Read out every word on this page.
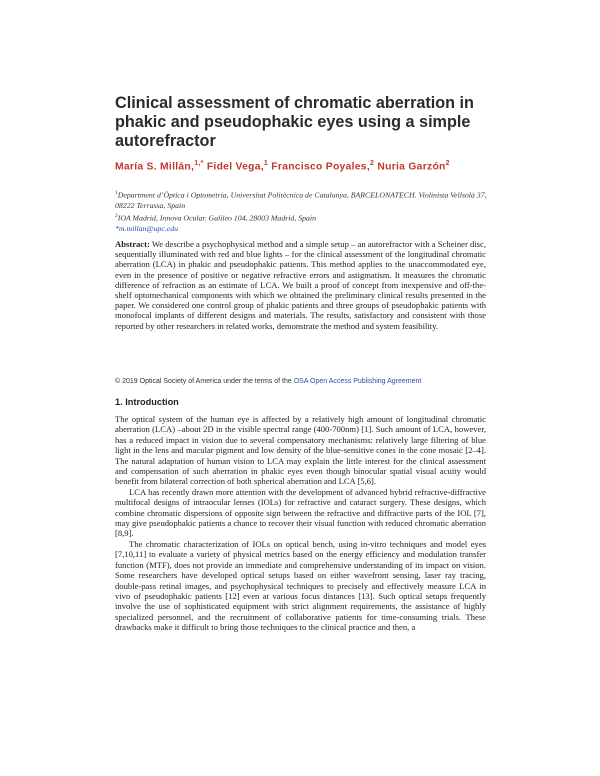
Clinical assessment of chromatic aberration in phakic and pseudophakic eyes using a simple autorefractor
María S. Millán,$^{1,*}$ Fidel Vega,$^1$ Francisco Poyales,$^2$ Nuria Garzón$^2$
$^1$Department d’Òptica i Optometria, Universitat Politècnica de Catalunya, BARCELONATECH. Violinista Vellsolà 37, 08222 Terrassa, Spain
$^2$IOA Madrid, Innova Ocular. Galileo 104, 28003 Madrid, Spain
*m.millan@upc.edu

Abstract: We describe a psychophysical method and a simple setup – an autorefractor with a Scheiner disc, sequentially illuminated with red and blue lights – for the clinical assessment of the longitudinal chromatic aberration (LCA) in phakic and pseudophakic patients. This method applies to the unaccommodated eye, even in the presence of positive or negative refractive errors and astigmatism. It measures the chromatic difference of refraction as an estimate of LCA. We built a proof of concept from inexpensive and off-the-shelf optomechanical components with which we obtained the preliminary clinical results presented in the paper. We considered one control group of phakic patients and three groups of pseudophakic patients with monofocal implants of different designs and materials. The results, satisfactory and consistent with those reported by other researchers in related works, demonstrate the method and system feasibility.

© 2019 Optical Society of America under the terms of the OSA Open Access Publishing Agreement
1. Introduction

The optical system of the human eye is affected by a relatively high amount of longitudinal chromatic aberration (LCA) –about 2D in the visible spectral range (400-700nm) [1]. Such amount of LCA, however, has a reduced impact in vision due to several compensatory mechanisms: relatively large filtering of blue light in the lens and macular pigment and low density of the blue-sensitive cones in the cone mosaic [2–4]. The natural adaptation of human vision to LCA may explain the little interest for the clinical assessment and compensation of such aberration in phakic eyes even though binocular spatial visual acuity would benefit from bilateral correction of both spherical aberration and LCA [5,6].

LCA has recently drawn more attention with the development of advanced hybrid refractive-diffractive multifocal designs of intraocular lenses (IOLs) for refractive and cataract surgery. These designs, which combine chromatic dispersions of opposite sign between the refractive and diffractive parts of the IOL [7], may give pseudophakic patients a chance to recover their visual function with reduced chromatic aberration [8,9].

The chromatic characterization of IOLs on optical bench, using in-vitro techniques and model eyes [7,10,11] to evaluate a variety of physical metrics based on the energy efficiency and modulation transfer function (MTF), does not provide an immediate and comprehensive understanding of its impact on vision. Some researchers have developed optical setups based on either wavefront sensing, laser ray tracing, double-pass retinal images, and psychophysical techniques to precisely and effectively measure LCA in vivo of pseudophakic patients [12] even at various focus distances [13]. Such optical setups frequently involve the use of sophisticated equipment with strict alignment requirements, the assistance of highly specialized personnel, and the recruitment of collaborative patients for time-consuming trials. These drawbacks make it difficult to bring those techniques to the clinical practice and then, a
